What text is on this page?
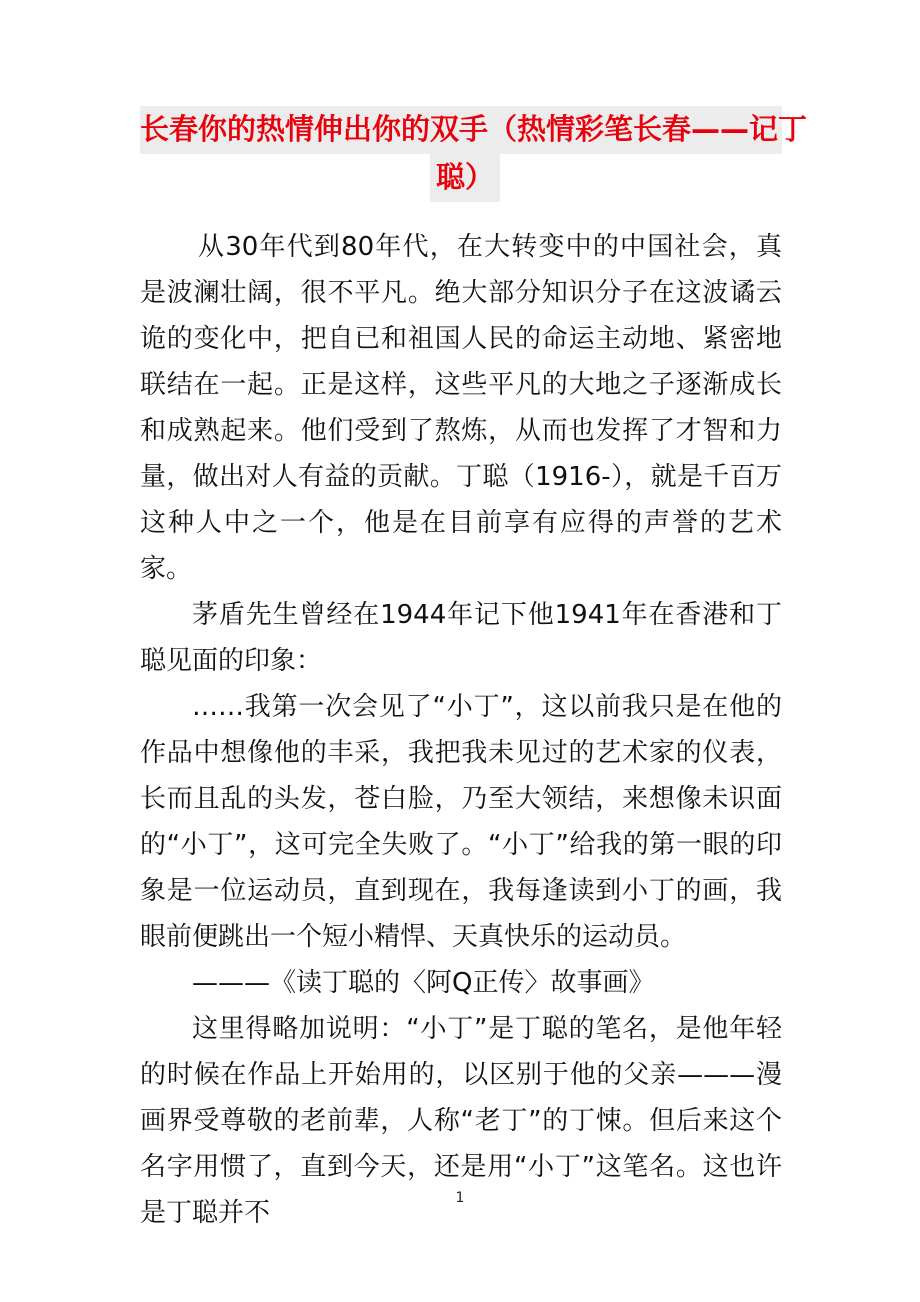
长春你的热情伸出你的双手（热情彩笔长春——记丁
聪）

从30年代到80年代，在大转变中的中国社会，真是波澜壮阔，很不平凡。绝大部分知识分子在这波谲云诡的变化中，把自已和祖国人民的命运主动地、紧密地联结在一起。正是这样，这些平凡的大地之子逐渐成长和成熟起来。他们受到了熬炼，从而也发挥了才智和力量，做出对人有益的贡献。丁聪（1916-），就是千百万这种人中之一个，他是在目前享有应得的声誉的艺术家。

茅盾先生曾经在1944年记下他1941年在香港和丁聪见面的印象：

……我第一次会见了“小丁”，这以前我只是在他的作品中想像他的丰采，我把我未见过的艺术家的仪表，长而且乱的头发，苍白脸，乃至大领结，来想像未识面的“小丁”，这可完全失败了。“小丁”给我的第一眼的印象是一位运动员，直到现在，我每逢读到小丁的画，我眼前便跳出一个短小精悍、天真快乐的运动员。

———《读丁聪的〈阿Q正传〉故事画》

这里得略加说明：“小丁”是丁聪的笔名，是他年轻的时候在作品上开始用的，以区别于他的父亲———漫画界受尊敬的老前辈，人称“老丁”的丁悚。但后来这个名字用惯了，直到今天，还是用“小丁”这笔名。这也许是丁聪并不	1
